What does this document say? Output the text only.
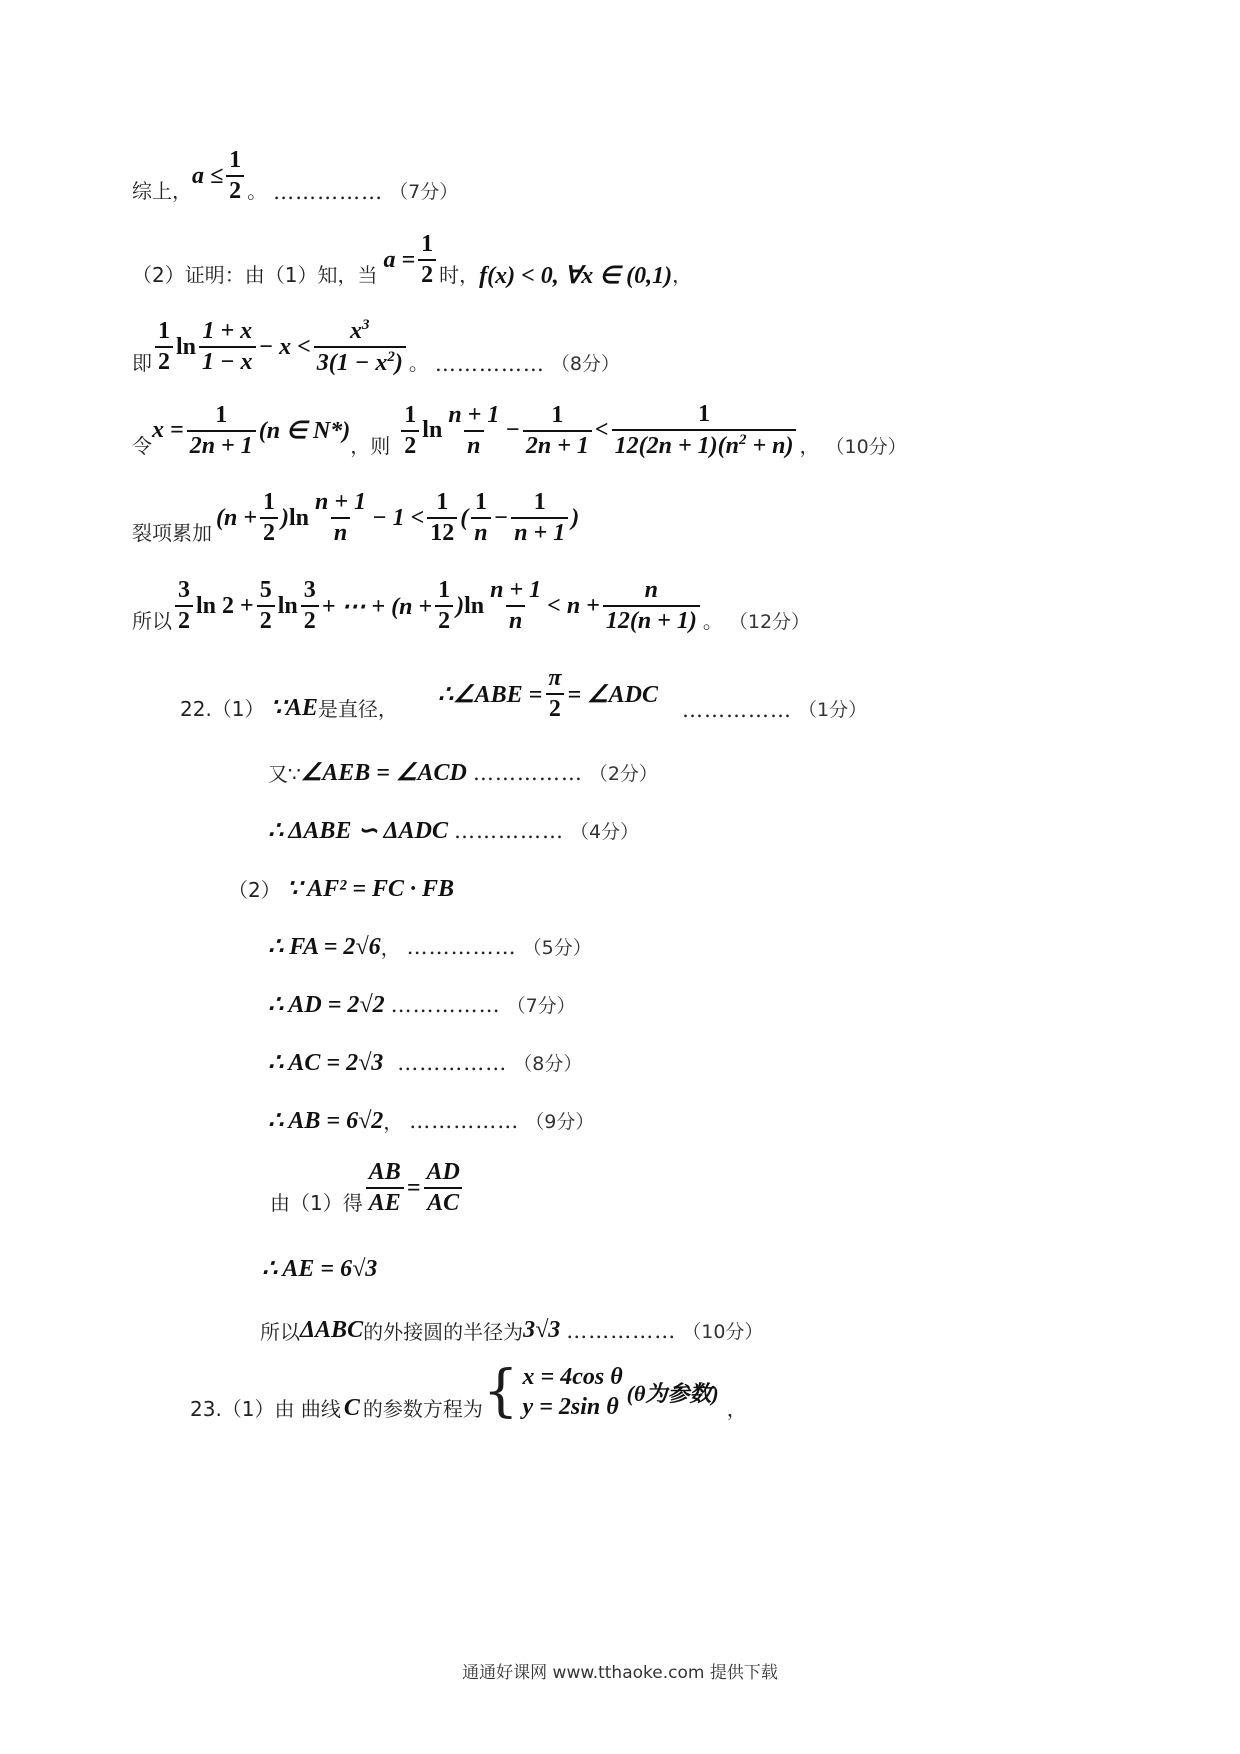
综上，
$a \le \frac{1}{2}$ 。 …………… （7分）
（2）证明：由（1）知，当
$a = \frac{1}{2}$ 时， f(x) < 0, ∀x ∈ (0,1) ，
即 $\frac{1}{2}$ $\ln \frac{1 + x}{1 - x} - x < \frac{x^3}{3(1 - x^2)}$ 。 …………… （8分）
令
$x = \frac{1}{2n + 1} (n$ ∈ N*)
，则 $\frac{1}{2}$ $\ln \frac{n + 1}{n} - \frac{1}{2n + 1} < \frac{1}{12(2n + 1)(n^2 + n)}$ ， （10分）
裂项累加
$(n + \frac{1}{2} )\ln \frac{n + 1}{n} - 1 < \frac{1}{12}$ ( $\frac{1}{n} - \frac{1}{n + 1}$ )
所以 $\frac{3}{2}$ $\ln 2 + \frac{5}{2}$ $\ln \frac{3}{2}$ + ⋯ + $(n + \frac{1}{2} )\ln \frac{n + 1}{n} < n + \frac{n}{12(n + 1)}$ 。 （12分）
22.（1） ∵ AE 是直径，
∴ ∠ABE = $\frac{\pi}{2}$ = ∠ADC
…………… （1分）
又∵ ∠AEB = ∠ACD …………… （2分）
∴ ΔABE ∽ ΔADC …………… （4分）
（2） ∵ AF² = FC · FB
∴ FA = 2√6 ， …………… （5分）
∴ AD = 2√2 …………… （7分）
∴ AC = 2√3 …………… （8分）
∴ AB = 6√2 ， …………… （9分）
由（1）得 $\frac{AB}{AE} = \frac{AD}{AC}$
∴ AE = 6√3
所以 ΔABC 的外接圆的半径为 3√3 …………… （10分）
23.（1）由 曲线 C 的参数方程为 { x = 4cos θ
y = 2sin θ
(θ为参数)
，
通通好课网 www.tthaoke.com 提供下载
